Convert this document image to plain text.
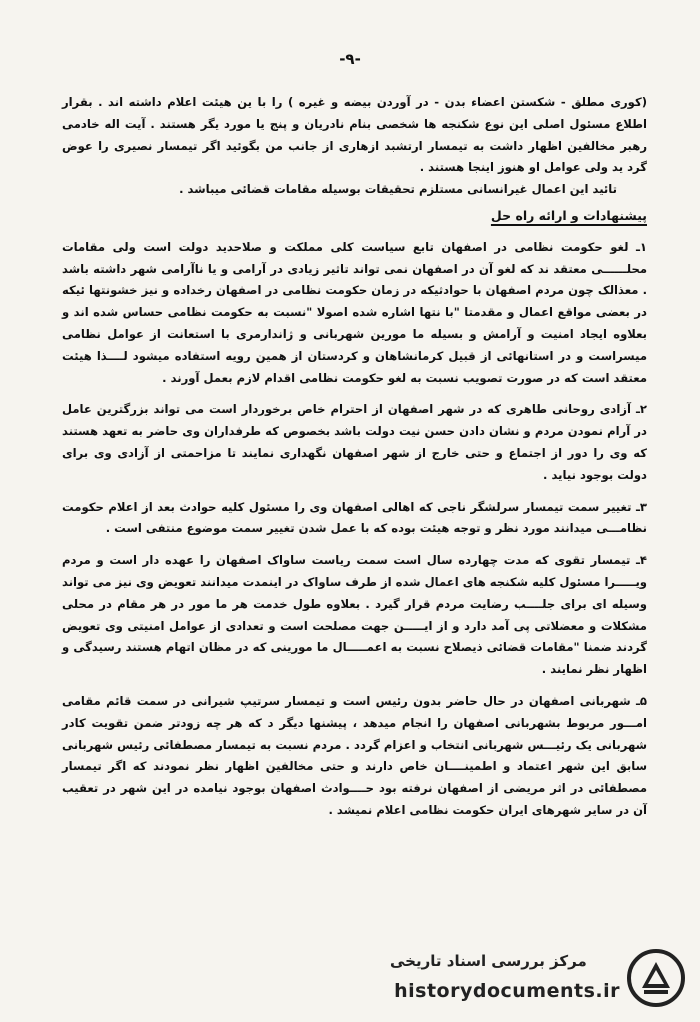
-۹-

(کوری مطلق - شکستن اعضاء بدن - در آوردن بیضه و غیره ) را با ین هیئت اعلام داشته اند . بقرار اطلاع مسئول اصلی این نوع شکنجه ها شخصی بنام نادریان و پنج یا مورد یگر هستند . آیت اله خادمی رهبر مخالفین اظهار داشت به تیمسار ارتشبد ازهاری از جانب من بگوئید اگر تیمسار نصیری را عوض گرد ید ولی عوامل او هنوز اینجا هستند .

تائید این اعمال غیرانسانی مستلزم تحقیقات بوسیله مقامات قضائی میباشد .

پیشنهادات و ارائه راه حل

۱ـ لغو حکومت نظامی در اصفهان تابع سیاست کلی مملکت و صلاحدید دولت است ولی مقامات محلــــــی معتقد ند که لغو آن در اصفهان نمی تواند تاثیر زیادی در آرامی و یا ناآرامی شهر داشته باشد . معذالک چون مردم اصفهان با حوادثیکه در زمان حکومت نظامی در اصفهان رخداده و نیز خشونتها ئیکه در بعضی مواقع اعمال و مقدمتا "با نتها اشاره شده اصولا "نسبت به حکومت نظامی حساس شده اند و بعلاوه ایجاد امنیت و آرامش و بسیله ما مورین شهربانی و ژاندارمری با استعانت از عوامل نظامی میسراست و در استانهائی از قبیل کرمانشاهان و کردستان از همین رویه استفاده میشود لــــذا هیئت معتقد است که در صورت تصویب نسبت به لغو حکومت نظامی اقدام لازم بعمل آورند .

۲ـ آزادی روحانی طاهری که در شهر اصفهان از احترام خاص برخوردار است می تواند بزرگترین عامل در آرام نمودن مردم و نشان دادن حسن نیت دولت باشد بخصوص که طرفداران وی حاضر به تعهد هستند که وی را دور از اجتماع و حتی خارج از شهر اصفهان نگهداری نمایند تا مزاحمتی از آزادی وی برای دولت بوجود نیاید .

۳ـ تغییر سمت تیمسار سرلشگر ناجی که اهالی اصفهان وی را مسئول کلیه حوادث بعد از اعلام حکومت نظامـــی میدانند مورد نظر و توجه هیئت بوده که با عمل شدن تغییر سمت موضوع منتفی است .

۴ـ تیمسار تقوی که مدت چهارده سال است سمت ریاست ساواک اصفهان را عهده دار است و مردم ویـــــرا مسئول کلیه شکنجه های اعمال شده از طرف ساواک در اینمدت میدانند تعویض وی نیز می تواند وسیله ای برای جلــــب رضایت مردم قرار گیرد . بعلاوه طول خدمت هر ما مور در هر مقام در محلی مشکلات و معضلاتی پی آمد دارد و از ایـــــن جهت مصلحت است و تعدادی از عوامل امنیتی وی تعویض گردند ضمنا "مقامات قضائی ذیصلاح نسبت به اعمـــــال ما مورینی که در مظان اتهام هستند رسیدگی و اظهار نظر نمایند .

۵ـ شهربانی اصفهان در حال حاضر بدون رئیس است و تیمسار سرتیپ شیرانی در سمت قائم مقامی امـــور مربوط بشهربانی اصفهان را انجام میدهد ، پیشنها دیگر د که هر چه زودتر ضمن تقویت کادر شهربانی یک رئیـــس شهربانی انتخاب و اعزام گردد . مردم نسبت به تیمسار مصطفائی رئیس شهربانی سابق این شهر اعتماد و اطمینــــان خاص دارند و حتی مخالفین اظهار نظر نمودند که اگر تیمسار مصطفائی در اثر مریضی از اصفهان نرفته بود حــــوادث اصفهان بوجود نیامده در این شهر در تعقیب آن در سایر شهرهای ایران حکومت نظامی اعلام نمیشد .

مرکز بررسی اسناد تاریخی
historydocuments.ir
